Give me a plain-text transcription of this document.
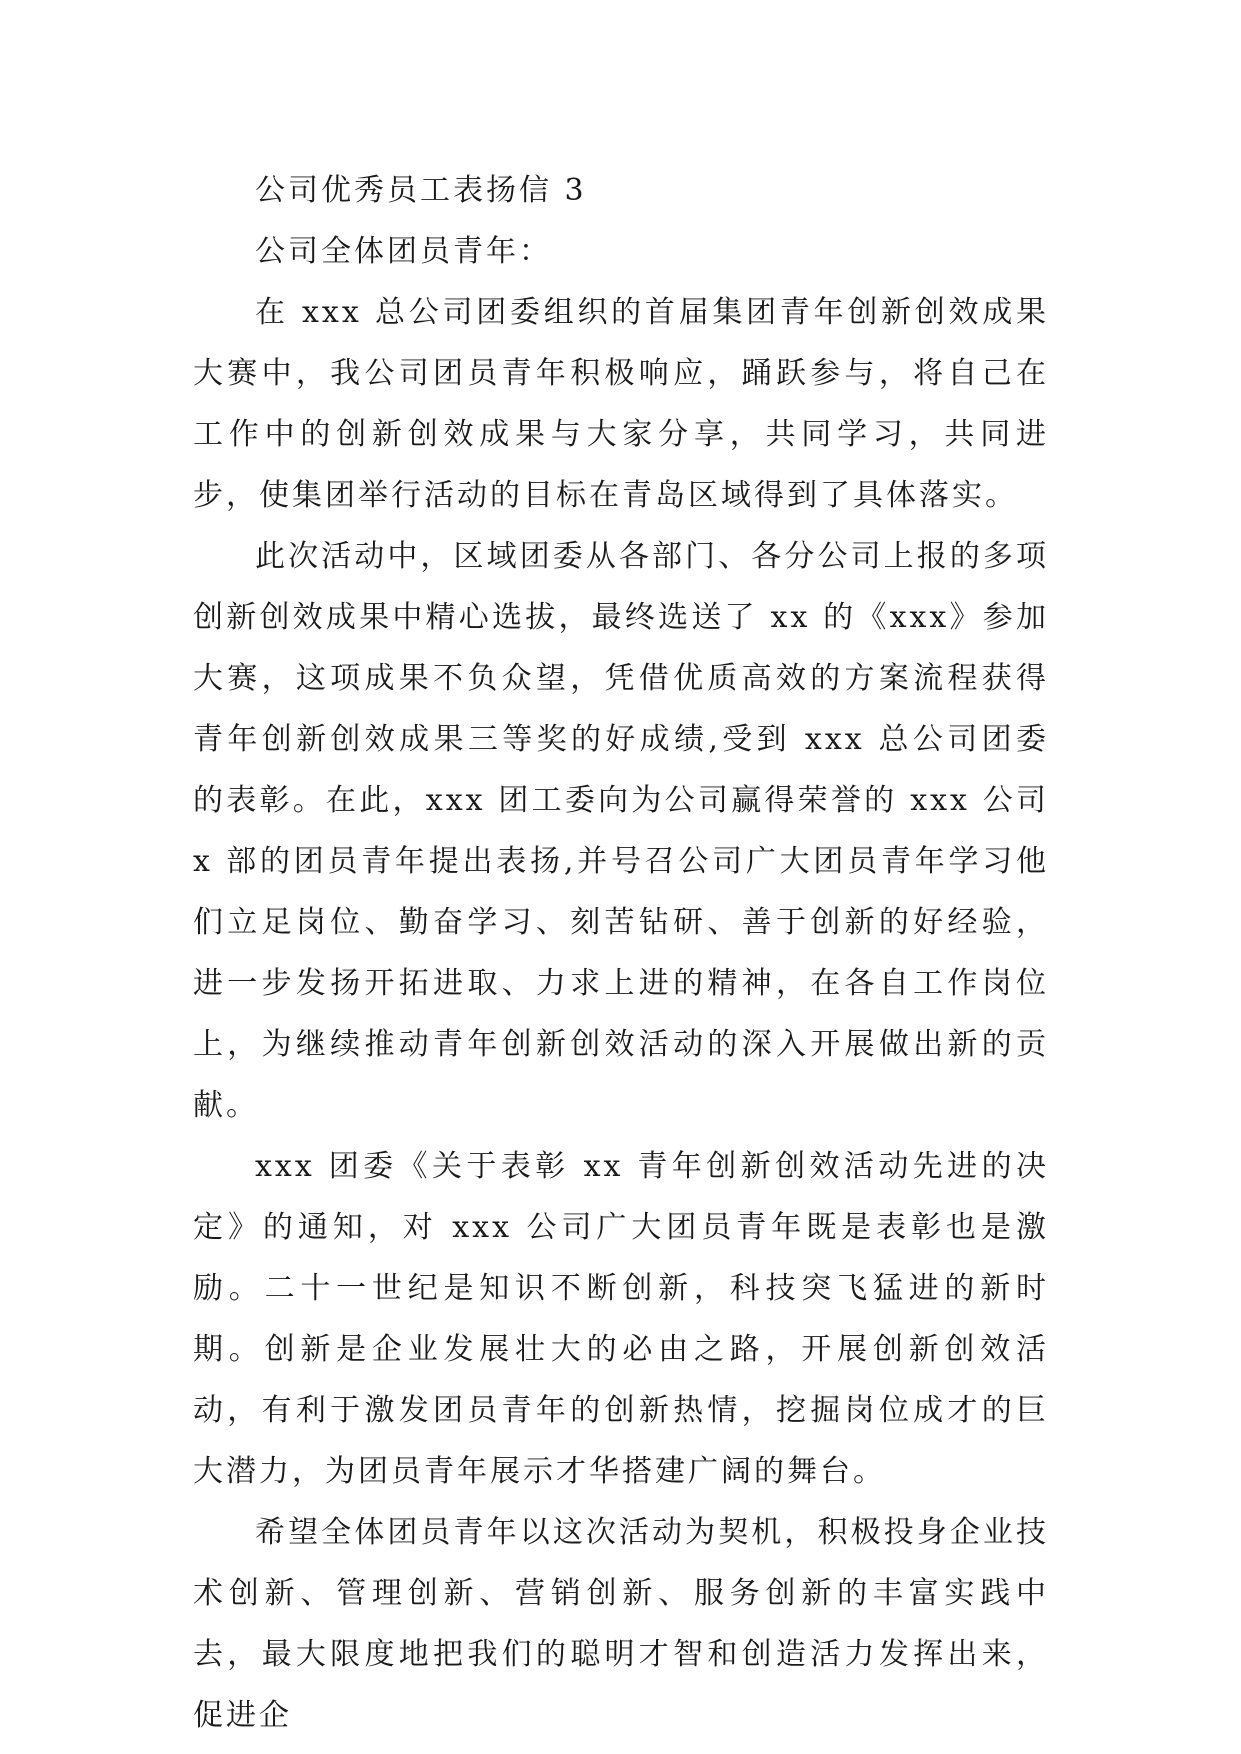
公司优秀员工表扬信 3

公司全体团员青年：

在 xxx 总公司团委组织的首届集团青年创新创效成果大赛中，我公司团员青年积极响应，踊跃参与，将自己在工作中的创新创效成果与大家分享，共同学习，共同进步，使集团举行活动的目标在青岛区域得到了具体落实。

此次活动中，区域团委从各部门、各分公司上报的多项创新创效成果中精心选拔，最终选送了 xx 的《xxx》参加大赛，这项成果不负众望，凭借优质高效的方案流程获得青年创新创效成果三等奖的好成绩,受到 xxx 总公司团委的表彰。在此，xxx 团工委向为公司赢得荣誉的 xxx 公司 x 部的团员青年提出表扬,并号召公司广大团员青年学习他们立足岗位、勤奋学习、刻苦钻研、善于创新的好经验，进一步发扬开拓进取、力求上进的精神，在各自工作岗位上，为继续推动青年创新创效活动的深入开展做出新的贡献。

xxx 团委《关于表彰 xx 青年创新创效活动先进的决定》的通知，对 xxx 公司广大团员青年既是表彰也是激励。二十一世纪是知识不断创新，科技突飞猛进的新时期。创新是企业发展壮大的必由之路，开展创新创效活动，有利于激发团员青年的创新热情，挖掘岗位成才的巨大潜力，为团员青年展示才华搭建广阔的舞台。

希望全体团员青年以这次活动为契机，积极投身企业技术创新、管理创新、营销创新、服务创新的丰富实践中去，最大限度地把我们的聪明才智和创造活力发挥出来，促进企
